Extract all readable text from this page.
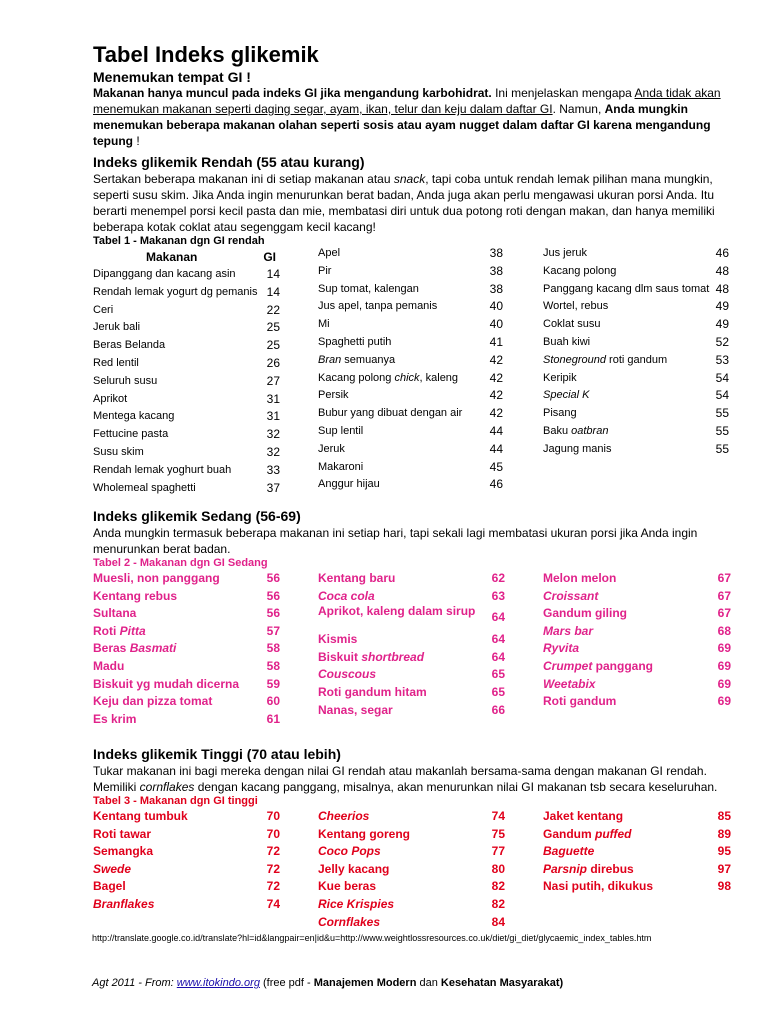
Tabel Indeks glikemik

Menemukan tempat GI !

Makanan hanya muncul pada indeks GI jika mengandung karbohidrat. Ini menjelaskan mengapa Anda tidak akan menemukan makanan seperti daging segar, ayam, ikan, telur dan keju dalam daftar GI. Namun, Anda mungkin menemukan beberapa makanan olahan seperti sosis atau ayam nugget dalam daftar GI karena mengandung tepung !

Indeks glikemik Rendah (55 atau kurang)

Sertakan beberapa makanan ini di setiap makanan atau snack, tapi coba untuk rendah lemak pilihan mana mungkin, seperti susu skim. Jika Anda ingin menurunkan berat badan, Anda juga akan perlu mengawasi ukuran porsi Anda. Itu berarti menempel porsi kecil pasta dan mie, membatasi diri untuk dua potong roti dengan makan, dan hanya memiliki beberapa kotak coklat atau segenggam kecil kacang!

Tabel 1 - Makanan dgn GI rendah

Makanan	GI
Dipanggang dan kacang asin	14
Rendah lemak yogurt dg pemanis 14
Ceri	22
Jeruk bali	25
Beras Belanda	25
Red lentil	26
Seluruh susu	27
Aprikot	31
Mentega kacang	31
Fettucine pasta	32
Susu skim	32
Rendah lemak yoghurt buah	33
Wholemeal spaghetti	37
Apel	38
Pir	38
Sup tomat, kalengan	38
Jus apel, tanpa pemanis	40
Mi	40
Spaghetti putih	41
Bran semuanya	42
Kacang polong chick, kaleng	42
Persik	42
Bubur yang dibuat dengan air 42
Sup lentil	44
Jeruk	44
Makaroni	45
Anggur hijau	46
Jus jeruk	46
Kacang polong	48
Panggang kacang dlm saus tomat 48
Wortel, rebus	49
Coklat susu	49
Buah kiwi	52
Stoneground roti gandum	53
Keripik	54
Special K	54
Pisang	55
Baku oatbran	55
Jagung manis	55
Indeks glikemik Sedang (56-69)

Anda mungkin termasuk beberapa makanan ini setiap hari, tapi sekali lagi membatasi ukuran porsi jika Anda ingin menurunkan berat badan.

Tabel 2 - Makanan dgn GI Sedang

Muesli, non panggang	56
Kentang rebus	56
Sultana	56
Roti Pitta	57
Beras Basmati	58
Madu	58
Biskuit yg mudah dicerna 59
Keju dan pizza tomat	60
Es krim	61
Kentang baru	62
Coca cola	63
Aprikot, kaleng dalam sirup	64
Kismis	64
Biskuit shortbread	64
Couscous	65
Roti gandum hitam	65
Nanas, segar	66
Melon melon	67
Croissant	67
Gandum giling	67
Mars bar	68
Ryvita	69
Crumpet panggang	69
Weetabix	69
Roti gandum	69
Indeks glikemik Tinggi (70 atau lebih)

Tukar makanan ini bagi mereka dengan nilai GI rendah atau makanlah bersama-sama dengan makanan GI rendah. Memiliki cornflakes dengan kacang panggang, misalnya, akan menurunkan nilai GI makanan tsb secara keseluruhan.

Tabel 3 - Makanan dgn GI tinggi

Kentang tumbuk	70
Roti tawar	70
Semangka	72
Swede	72
Bagel	72
Branflakes	74
Cheerios	74
Kentang goreng	75
Coco Pops	77
Jelly kacang	80
Kue beras	82
Rice Krispies	82
Cornflakes	84
Jaket kentang	85
Gandum puffed	89
Baguette	95
Parsnip direbus	97
Nasi putih, dikukus	98
http://translate.google.co.id/translate?hl=id&langpair=en|id&u=http://www.weightlossresources.co.uk/diet/gi_diet/glycaemic_index_tables.htm
Agt 2011 - From: www.itokindo.org (free pdf - Manajemen Modern dan Kesehatan Masyarakat)
